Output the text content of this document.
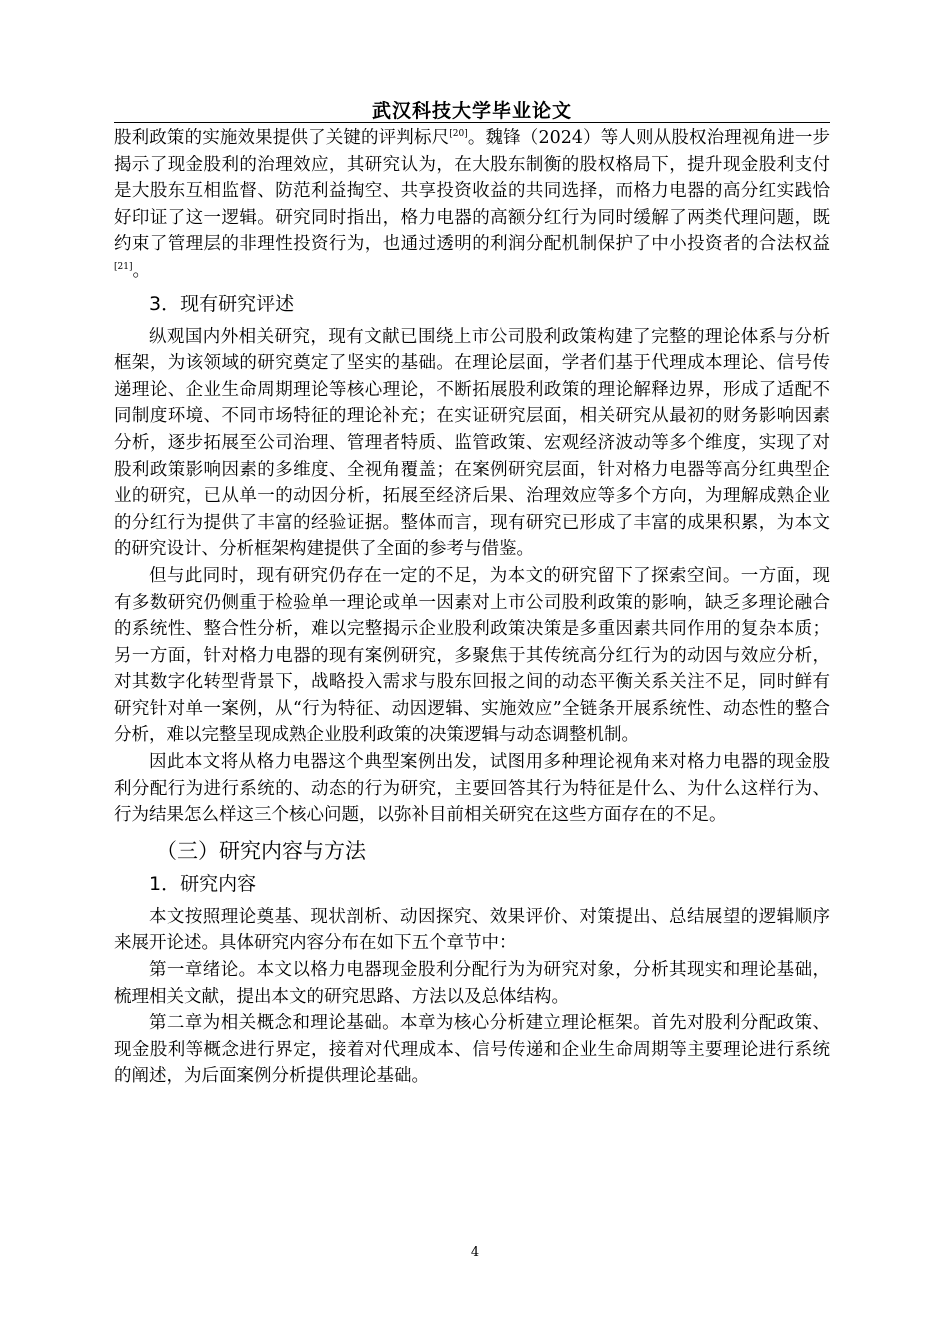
武汉科技大学毕业论文

股利政策的实施效果提供了关键的评判标尺[20]。魏锋（2024）等人则从股权治理视角进一步揭示了现金股利的治理效应，其研究认为，在大股东制衡的股权格局下，提升现金股利支付是大股东互相监督、防范利益掏空、共享投资收益的共同选择，而格力电器的高分红实践恰好印证了这一逻辑。研究同时指出，格力电器的高额分红行为同时缓解了两类代理问题，既约束了管理层的非理性投资行为，也通过透明的利润分配机制保护了中小投资者的合法权益[21]。

3．现有研究评述

纵观国内外相关研究，现有文献已围绕上市公司股利政策构建了完整的理论体系与分析框架，为该领域的研究奠定了坚实的基础。在理论层面，学者们基于代理成本理论、信号传递理论、企业生命周期理论等核心理论，不断拓展股利政策的理论解释边界，形成了适配不同制度环境、不同市场特征的理论补充；在实证研究层面，相关研究从最初的财务影响因素分析，逐步拓展至公司治理、管理者特质、监管政策、宏观经济波动等多个维度，实现了对股利政策影响因素的多维度、全视角覆盖；在案例研究层面，针对格力电器等高分红典型企业的研究，已从单一的动因分析，拓展至经济后果、治理效应等多个方向，为理解成熟企业的分红行为提供了丰富的经验证据。整体而言，现有研究已形成了丰富的成果积累，为本文的研究设计、分析框架构建提供了全面的参考与借鉴。

但与此同时，现有研究仍存在一定的不足，为本文的研究留下了探索空间。一方面，现有多数研究仍侧重于检验单一理论或单一因素对上市公司股利政策的影响，缺乏多理论融合的系统性、整合性分析，难以完整揭示企业股利政策决策是多重因素共同作用的复杂本质；另一方面，针对格力电器的现有案例研究，多聚焦于其传统高分红行为的动因与效应分析，对其数字化转型背景下，战略投入需求与股东回报之间的动态平衡关系关注不足，同时鲜有研究针对单一案例，从“行为特征、动因逻辑、实施效应”全链条开展系统性、动态性的整合分析，难以完整呈现成熟企业股利政策的决策逻辑与动态调整机制。

因此本文将从格力电器这个典型案例出发，试图用多种理论视角来对格力电器的现金股利分配行为进行系统的、动态的行为研究，主要回答其行为特征是什么、为什么这样行为、行为结果怎么样这三个核心问题，以弥补目前相关研究在这些方面存在的不足。

（三）研究内容与方法

1．研究内容

本文按照理论奠基、现状剖析、动因探究、效果评价、对策提出、总结展望的逻辑顺序来展开论述。具体研究内容分布在如下五个章节中：

第一章绪论。本文以格力电器现金股利分配行为为研究对象，分析其现实和理论基础，梳理相关文献，提出本文的研究思路、方法以及总体结构。

第二章为相关概念和理论基础。本章为核心分析建立理论框架。首先对股利分配政策、现金股利等概念进行界定，接着对代理成本、信号传递和企业生命周期等主要理论进行系统的阐述，为后面案例分析提供理论基础。

4
